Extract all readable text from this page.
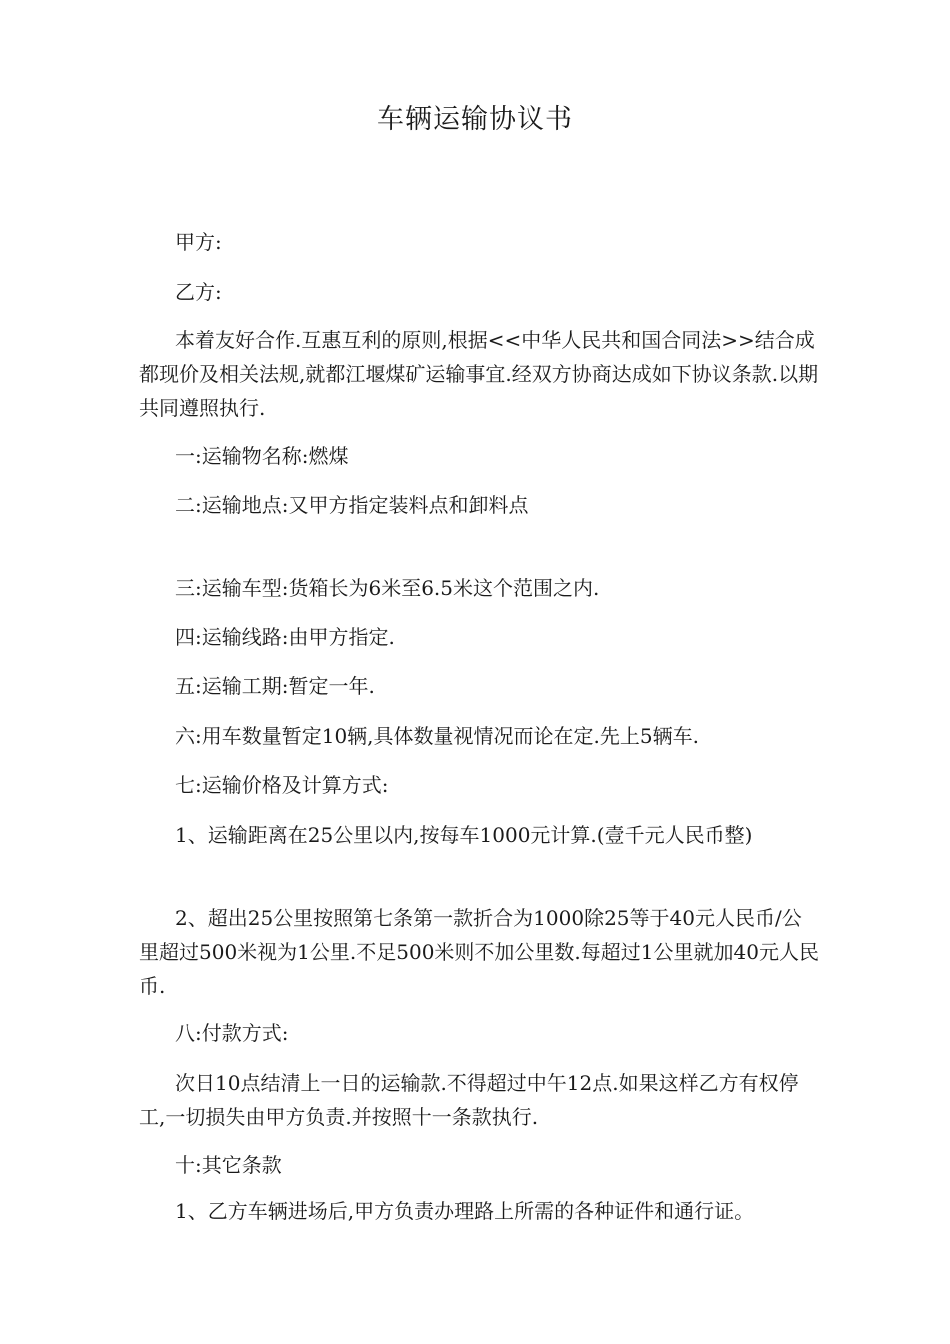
车辆运输协议书

甲方:

乙方:

本着友好合作.互惠互利的原则,根据<<中华人民共和国合同法>>结合成都现价及相关法规,就都江堰煤矿运输事宜.经双方协商达成如下协议条款.以期共同遵照执行.

一:运输物名称:燃煤

二:运输地点:又甲方指定装料点和卸料点

三:运输车型:货箱长为6米至6.5米这个范围之内.

四:运输线路:由甲方指定.

五:运输工期:暂定一年.

六:用车数量暂定10辆,具体数量视情况而论在定.先上5辆车.

七:运输价格及计算方式:

1、运输距离在25公里以内,按每车1000元计算.(壹千元人民币整)

2、超出25公里按照第七条第一款折合为1000除25等于40元人民币/公里超过500米视为1公里.不足500米则不加公里数.每超过1公里就加40元人民币.

八:付款方式:

次日10点结清上一日的运输款.不得超过中午12点.如果这样乙方有权停工,一切损失由甲方负责.并按照十一条款执行.

十:其它条款

1、乙方车辆进场后,甲方负责办理路上所需的各种证件和通行证。
